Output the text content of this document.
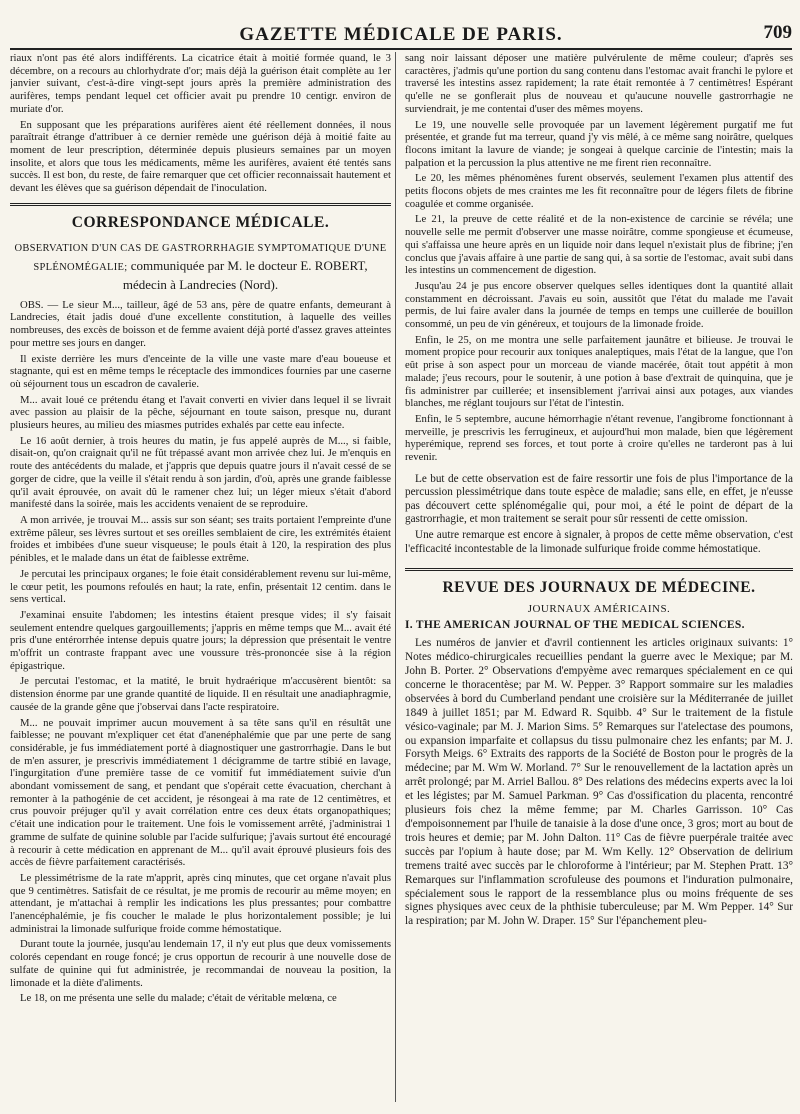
GAZETTE MÉDICALE DE PARIS.	709

riaux n'ont pas été alors indifférents. La cicatrice était à moitié formée quand, le 3 décembre, on a recours au chlorhydrate d'or; mais déjà la guérison était complète au 1er janvier suivant, c'est-à-dire vingt-sept jours après la première administration des aurifères, temps pendant lequel cet officier avait pu prendre 10 centigr. environ de muriate d'or.

En supposant que les préparations aurifères aient été réellement données, il nous paraîtrait étrange d'attribuer à ce dernier remède une guérison déjà à moitié faite au moment de leur prescription, déterminée depuis plusieurs semaines par un moyen insolite, et alors que tous les médicaments, même les aurifères, avaient été tentés sans succès. Il est bon, du reste, de faire remarquer que cet officier reconnaissait hautement et devant les élèves que sa guérison dépendait de l'inoculation.

CORRESPONDANCE MÉDICALE.
OBSERVATION D'UN CAS DE GASTRORRHAGIE SYMPTOMATIQUE D'UNE SPLÉNOMÉGALIE; communiquée par M. le docteur E. ROBERT, médecin à Landrecies (Nord).

OBS. — Le sieur M..., tailleur, âgé de 53 ans, père de quatre enfants, demeurant à Landrecies, était jadis doué d'une excellente constitution, à laquelle des veilles nombreuses, des excès de boisson et de femme avaient déjà porté d'assez graves atteintes pour mettre ses jours en danger.

Il existe derrière les murs d'enceinte de la ville une vaste mare d'eau boueuse et stagnante, qui est en même temps le réceptacle des immondices fournies par une caserne où séjournent tous un escadron de cavalerie.

M... avait loué ce prétendu étang et l'avait converti en vivier dans lequel il se livrait avec passion au plaisir de la pêche, séjournant en toute saison, presque nu, durant plusieurs heures, au milieu des miasmes putrides exhalés par cette eau infecte.

Le 16 août dernier, à trois heures du matin, je fus appelé auprès de M..., si faible, disait-on, qu'on craignait qu'il ne fût trépassé avant mon arrivée chez lui. Je m'enquis en route des antécédents du malade, et j'appris que depuis quatre jours il n'avait cessé de se gorger de cidre, que la veille il s'était rendu à son jardin, d'où, après une grande faiblesse qu'il avait éprouvée, on avait dû le ramener chez lui; un léger mieux s'était d'abord manifesté dans la soirée, mais les accidents venaient de se reproduire.

A mon arrivée, je trouvai M... assis sur son séant; ses traits portaient l'empreinte d'une extrême pâleur, ses lèvres surtout et ses oreilles semblaient de cire, les extrémités étaient froides et imbibées d'une sueur visqueuse; le pouls était à 120, la respiration des plus pénibles, et le malade dans un état de faiblesse extrême.

Je percutai les principaux organes; le foie était considérablement revenu sur lui-même, le cœur petit, les poumons refoulés en haut; la rate, enfin, présentait 12 centim. dans le sens vertical.

J'examinai ensuite l'abdomen; les intestins étaient presque vides; il s'y faisait seulement entendre quelques gargouillements; j'appris en même temps que M... avait été pris d'une entérorrhée intense depuis quatre jours; la dépression que présentait le ventre m'offrit un contraste frappant avec une voussure très-prononcée sise à la région épigastrique.

Je percutai l'estomac, et la matité, le bruit hydraérique m'accusèrent bientôt: sa distension énorme par une grande quantité de liquide. Il en résultait une anadiaphragmie, causée de la grande gêne que j'observai dans l'acte respiratoire.

M... ne pouvait imprimer aucun mouvement à sa tête sans qu'il en résultât une faiblesse; ne pouvant m'expliquer cet état d'anenéphalémie que par une perte de sang considérable, je fus immédiatement porté à diagnostiquer une gastrorrhagie. Dans le but de m'en assurer, je prescrivis immédiatement 1 décigramme de tartre stibié en lavage, l'ingurgitation d'une première tasse de ce vomitif fut immédiatement suivie d'un abondant vomissement de sang, et pendant que s'opérait cette évacuation, cherchant à remonter à la pathogénie de cet accident, je résongeai à ma rate de 12 centimètres, et crus pouvoir préjuger qu'il y avait corrélation entre ces deux états organopathiques; c'était une indication pour le traitement. Une fois le vomissement arrêté, j'administrai 1 gramme de sulfate de quinine soluble par l'acide sulfurique; j'avais surtout été encouragé à recourir à cette médication en apprenant de M... qu'il avait éprouvé plusieurs fois des accès de fièvre parfaitement caractérisés.

Le plessimétrisme de la rate m'apprit, après cinq minutes, que cet organe n'avait plus que 9 centimètres. Satisfait de ce résultat, je me promis de recourir au même moyen; en attendant, je m'attachai à remplir les indications les plus pressantes; pour combattre l'anencéphalémie, je fis coucher le malade le plus horizontalement possible; je lui administrai la limonade sulfurique froide comme hémostatique.

Durant toute la journée, jusqu'au lendemain 17, il n'y eut plus que deux vomissements colorés cependant en rouge foncé; je crus opportun de recourir à une nouvelle dose de sulfate de quinine qui fut administrée, je recommandai de nouveau la position, la limonade et la diète d'aliments.

Le 18, on me présenta une selle du malade; c'était de véritable melœna, ce

sang noir laissant déposer une matière pulvérulente de même couleur; d'après ses caractères, j'admis qu'une portion du sang contenu dans l'estomac avait franchi le pylore et traversé les intestins assez rapidement; la rate était remontée à 7 centimètres! Espérant qu'elle ne se gonflerait plus de nouveau et qu'aucune nouvelle gastrorrhagie ne surviendrait, je me contentai d'user des mêmes moyens.

Le 19, une nouvelle selle provoquée par un lavement légèrement purgatif me fut présentée, et grande fut ma terreur, quand j'y vis mêlé, à ce même sang noirâtre, quelques flocons imitant la lavure de viande; je songeai à quelque carcinie de l'intestin; mais la palpation et la percussion la plus attentive ne me firent rien reconnaître.

Le 20, les mêmes phénomènes furent observés, seulement l'examen plus attentif des petits flocons objets de mes craintes me les fit reconnaître pour de légers filets de fibrine coagulée et comme organisée.

Le 21, la preuve de cette réalité et de la non-existence de carcinie se révéla; une nouvelle selle me permit d'observer une masse noirâtre, comme spongieuse et écumeuse, qui s'affaissa une heure après en un liquide noir dans lequel n'existait plus de fibrine; j'en conclus que j'avais affaire à une partie de sang qui, à sa sortie de l'estomac, avait subi dans les intestins un commencement de digestion.

Jusqu'au 24 je pus encore observer quelques selles identiques dont la quantité allait constamment en décroissant. J'avais eu soin, aussitôt que l'état du malade me l'avait permis, de lui faire avaler dans la journée de temps en temps une cuillerée de bouillon consommé, un peu de vin généreux, et toujours de la limonade froide.

Enfin, le 25, on me montra une selle parfaitement jaunâtre et bilieuse. Je trouvai le moment propice pour recourir aux toniques analeptiques, mais l'état de la langue, que l'on eût prise à son aspect pour un morceau de viande macérée, ôtait tout appétit à mon malade; j'eus recours, pour le soutenir, à une potion à base d'extrait de quinquina, que je fis administrer par cuillerée; et insensiblement j'arrivai ainsi aux potages, aux viandes blanches, me réglant toujours sur l'état de l'intestin.

Enfin, le 5 septembre, aucune hémorrhagie n'étant revenue, l'angibrome fonctionnant à merveille, je prescrivis les ferrugineux, et aujourd'hui mon malade, bien que légèrement hyperémique, reprend ses forces, et tout porte à croire qu'elles ne tarderont pas à lui revenir.

Le but de cette observation est de faire ressortir une fois de plus l'importance de la percussion plessimétrique dans toute espèce de maladie; sans elle, en effet, je n'eusse pas découvert cette splénomégalie qui, pour moi, a été le point de départ de la gastrorrhagie, et mon traitement se serait pour sûr ressenti de cette omission.

Une autre remarque est encore à signaler, à propos de cette même observation, c'est l'efficacité incontestable de la limonade sulfurique froide comme hémostatique.

REVUE DES JOURNAUX DE MÉDECINE.
JOURNAUX AMÉRICAINS.
I. THE AMERICAN JOURNAL OF THE MEDICAL SCIENCES.

Les numéros de janvier et d'avril contiennent les articles originaux suivants: 1° Notes médico-chirurgicales recueillies pendant la guerre avec le Mexique; par M. John B. Porter. 2° Observations d'empyème avec remarques spécialement en ce qui concerne le thoracentèse; par M. W. Pepper. 3° Rapport sommaire sur les maladies observées à bord du Cumberland pendant une croisière sur la Méditerranée de juillet 1849 à juillet 1851; par M. Edward R. Squibb. 4° Sur le traitement de la fistule vésico-vaginale; par M. J. Marion Sims. 5° Remarques sur l'atelectase des poumons, ou expansion imparfaite et collapsus du tissu pulmonaire chez les enfants; par M. J. Forsyth Meigs. 6° Extraits des rapports de la Société de Boston pour le progrès de la médecine; par M. Wm W. Morland. 7° Sur le renouvellement de la lactation après un arrêt prolongé; par M. Arriel Ballou. 8° Des relations des médecins experts avec la loi et les légistes; par M. Samuel Parkman. 9° Cas d'ossification du placenta, rencontré plusieurs fois chez la même femme; par M. Charles Garrisson. 10° Cas d'empoisonnement par l'huile de tanaisie à la dose d'une once, 3 gros; mort au bout de trois heures et demie; par M. John Dalton. 11° Cas de fièvre puerpérale traitée avec succès par l'opium à haute dose; par M. Wm Kelly. 12° Observation de delirium tremens traité avec succès par le chloroforme à l'intérieur; par M. Stephen Pratt. 13° Remarques sur l'inflammation scrofuleuse des poumons et l'induration pulmonaire, spécialement sous le rapport de la ressemblance plus ou moins fréquente de ses signes physiques avec ceux de la phthisie tuberculeuse; par M. Wm Pepper. 14° Sur la respiration; par M. John W. Draper. 15° Sur l'épanchement pleu-
